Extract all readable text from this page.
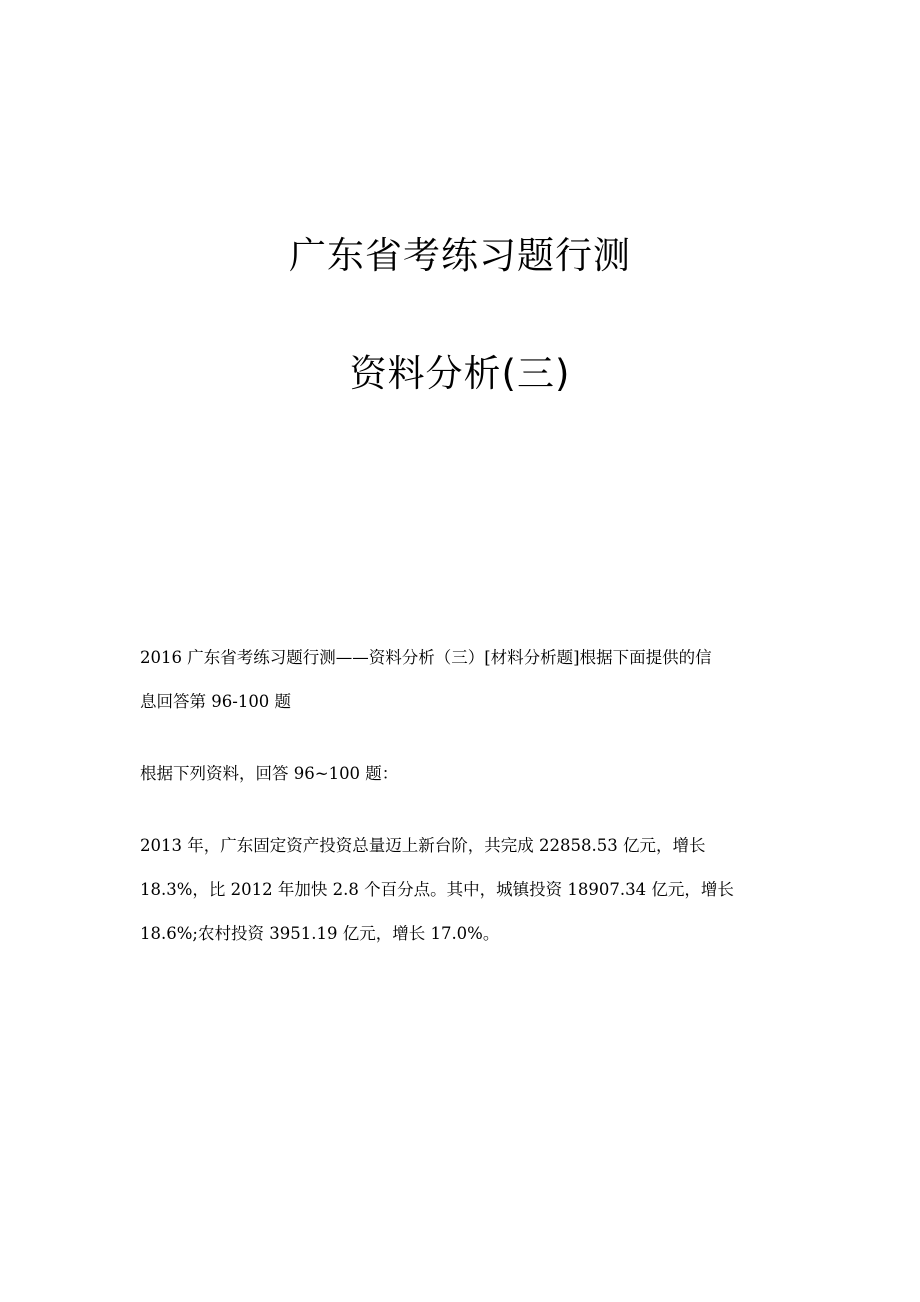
广东省考练习题行测
资料分析(三)
2016 广东省考练习题行测——资料分析（三）[材料分析题]根据下面提供的信
息回答第 96-100 题
根据下列资料，回答 96~100 题：
2013 年，广东固定资产投资总量迈上新台阶，共完成 22858.53 亿元，增长
18.3%，比 2012 年加快 2.8 个百分点。其中，城镇投资 18907.34 亿元，增长
18.6%;农村投资 3951.19 亿元，增长 17.0%。
